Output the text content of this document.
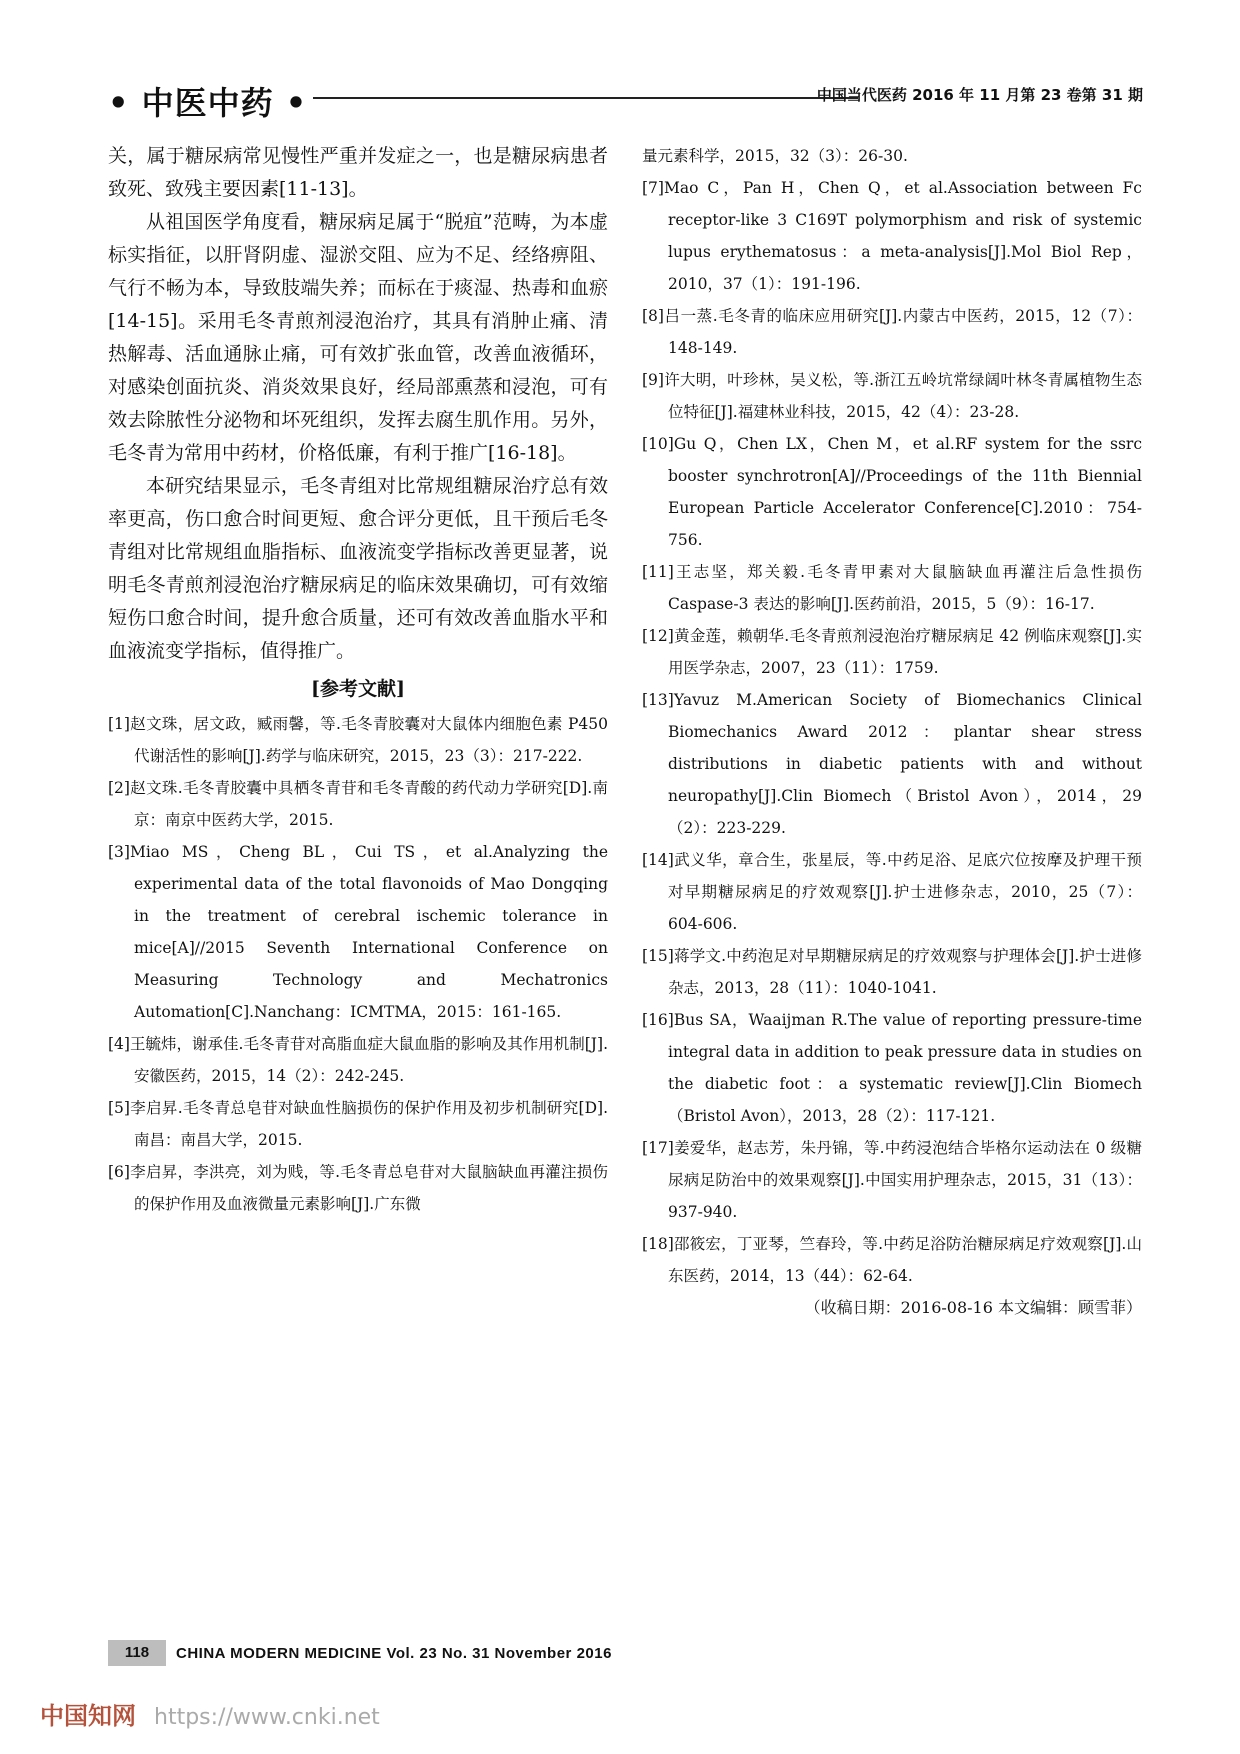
• 中医中药 •	中国当代医药 2016 年 11 月第 23 卷第 31 期

关，属于糖尿病常见慢性严重并发症之一，也是糖尿病患者致死、致残主要因素[11-13]。

从祖国医学角度看，糖尿病足属于“脱疽”范畴，为本虚标实指征，以肝肾阴虚、湿淤交阻、应为不足、经络痹阻、气行不畅为本，导致肢端失养；而标在于痰湿、热毒和血瘀[14-15]。采用毛冬青煎剂浸泡治疗，其具有消肿止痛、清热解毒、活血通脉止痛，可有效扩张血管，改善血液循环，对感染创面抗炎、消炎效果良好，经局部熏蒸和浸泡，可有效去除脓性分泌物和坏死组织，发挥去腐生肌作用。另外，毛冬青为常用中药材，价格低廉，有利于推广[16-18]。

本研究结果显示，毛冬青组对比常规组糖尿治疗总有效率更高，伤口愈合时间更短、愈合评分更低，且干预后毛冬青组对比常规组血脂指标、血液流变学指标改善更显著，说明毛冬青煎剂浸泡治疗糖尿病足的临床效果确切，可有效缩短伤口愈合时间，提升愈合质量，还可有效改善血脂水平和血液流变学指标，值得推广。

[参考文献]

[1]赵文珠，居文政，臧雨馨，等.毛冬青胶囊对大鼠体内细胞色素 P450 代谢活性的影响[J].药学与临床研究，2015，23（3）：217-222.

[2]赵文珠.毛冬青胶囊中具栖冬青苷和毛冬青酸的药代动力学研究[D].南京：南京中医药大学，2015.

[3]Miao MS，Cheng BL，Cui TS，et al.Analyzing the experimental data of the total flavonoids of Mao Dongqing in the treatment of cerebral ischemic tolerance in mice[A]//2015 Seventh International Conference on Measuring Technology and Mechatronics Automation[C].Nanchang：ICMTMA，2015：161-165.

[4]王毓炜，谢承佳.毛冬青苷对高脂血症大鼠血脂的影响及其作用机制[J].安徽医药，2015，14（2）：242-245.

[5]李启昇.毛冬青总皂苷对缺血性脑损伤的保护作用及初步机制研究[D].南昌：南昌大学，2015.

[6]李启昇，李洪亮，刘为贱，等.毛冬青总皂苷对大鼠脑缺血再灌注损伤的保护作用及血液微量元素影响[J].广东微

量元素科学，2015，32（3）：26-30.

[7]Mao C，Pan H，Chen Q，et al.Association between Fc receptor-like 3 C169T polymorphism and risk of systemic lupus erythematosus：a meta-analysis[J].Mol Biol Rep，2010，37（1）：191-196.

[8]吕一蒸.毛冬青的临床应用研究[J].内蒙古中医药，2015，12（7）：148-149.

[9]许大明，叶珍林，吴义松，等.浙江五岭坑常绿阔叶林冬青属植物生态位特征[J].福建林业科技，2015，42（4）：23-28.

[10]Gu Q，Chen LX，Chen M，et al.RF system for the ssrc booster synchrotron[A]//Proceedings of the 11th Biennial European Particle Accelerator Conference[C].2010：754-756.

[11]王志坚，郑关毅.毛冬青甲素对大鼠脑缺血再灌注后急性损伤 Caspase-3 表达的影响[J].医药前沿，2015，5（9）：16-17.

[12]黄金莲，赖朝华.毛冬青煎剂浸泡治疗糖尿病足 42 例临床观察[J].实用医学杂志，2007，23（11）：1759.

[13]Yavuz M.American Society of Biomechanics Clinical Biomechanics Award 2012：plantar shear stress distributions in diabetic patients with and without neuropathy[J].Clin Biomech（Bristol Avon），2014，29（2）：223-229.

[14]武义华，章合生，张星辰，等.中药足浴、足底穴位按摩及护理干预对早期糖尿病足的疗效观察[J].护士进修杂志，2010，25（7）：604-606.

[15]蒋学文.中药泡足对早期糖尿病足的疗效观察与护理体会[J].护士进修杂志，2013，28（11）：1040-1041.

[16]Bus SA，Waaijman R.The value of reporting pressure-time integral data in addition to peak pressure data in studies on the diabetic foot：a systematic review[J].Clin Biomech（Bristol Avon），2013，28（2）：117-121.

[17]姜爱华，赵志芳，朱丹锦，等.中药浸泡结合毕格尔运动法在 0 级糖尿病足防治中的效果观察[J].中国实用护理杂志，2015，31（13）：937-940.

[18]邵筱宏，丁亚琴，竺春玲，等.中药足浴防治糖尿病足疗效观察[J].山东医药，2014，13（44）：62-64.

（收稿日期：2016-08-16 本文编辑：顾雪菲）

118 CHINA MODERN MEDICINE Vol. 23 No. 31 November 2016
中国知网 https://www.cnki.net
